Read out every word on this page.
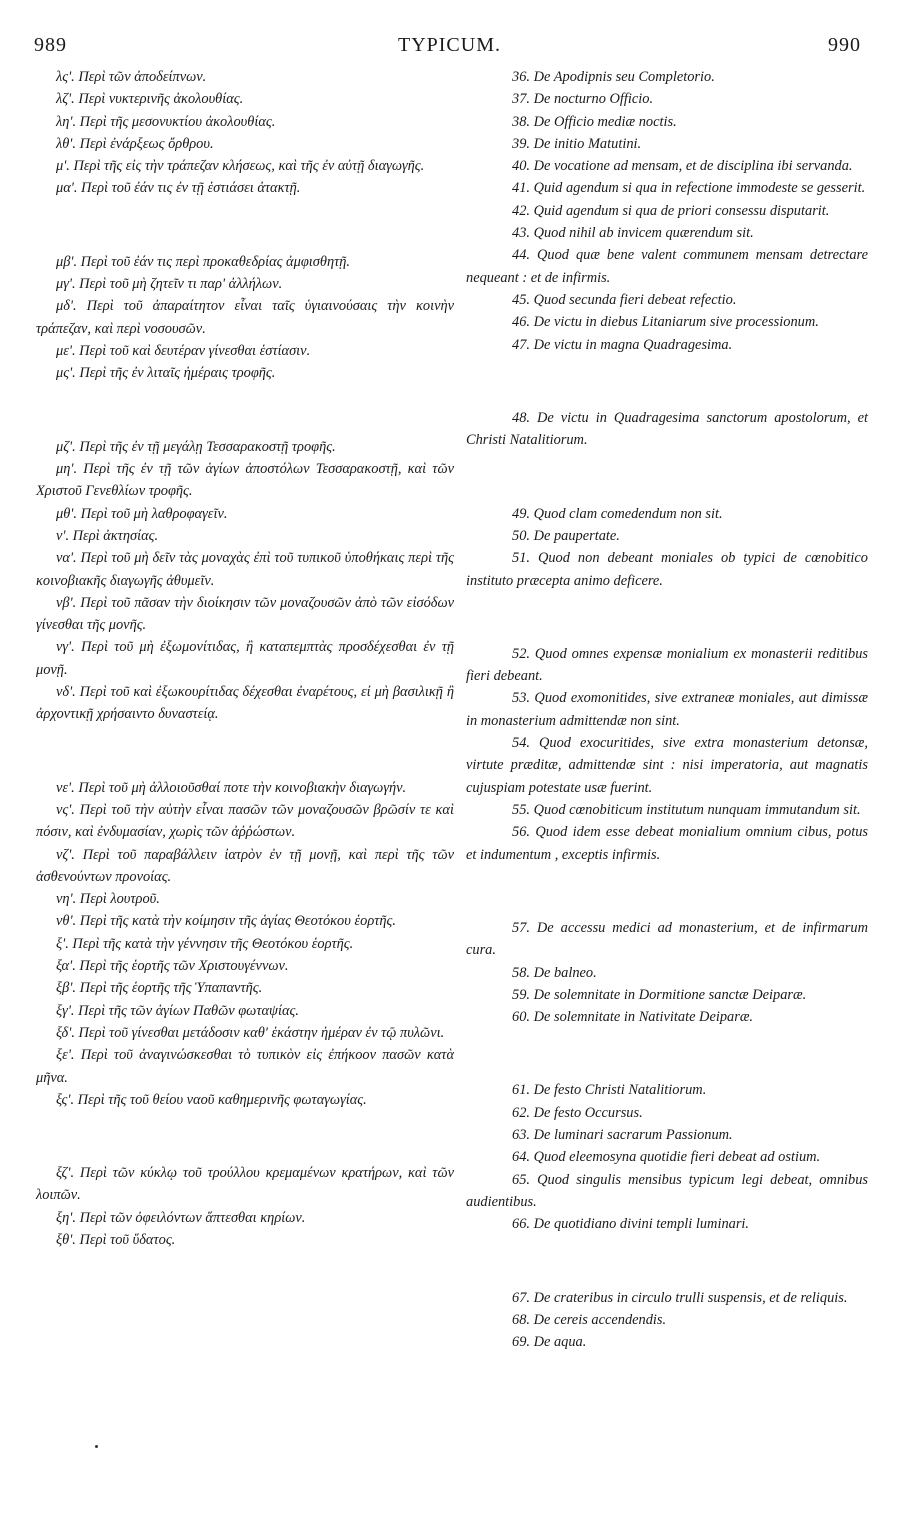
TYPICUM.
989	990

λς'. Περὶ τῶν ἀποδείπνων.

λζ'. Περὶ νυκτερινῆς ἀκολουθίας.

λη'. Περὶ τῆς μεσονυκτίου ἀκολουθίας.

λθ'. Περὶ ἐνάρξεως ὄρθρου.

μ'. Περὶ τῆς εἰς τὴν τράπεζαν κλήσεως, καὶ τῆς ἐν αὐτῇ διαγωγῆς.

μα'. Περὶ τοῦ ἐάν τις ἐν τῇ ἑστιάσει ἀτακτῇ.

μβ'. Περὶ τοῦ ἐάν τις περὶ προκαθεδρίας ἀμφισθητῇ.

μγ'. Περὶ τοῦ μὴ ζητεῖν τι παρ' ἀλλήλων.

μδ'. Περὶ τοῦ ἀπαραίτητον εἶναι ταῖς ὑγιαινούσαις τὴν κοινὴν τράπεζαν, καὶ περὶ νοσουσῶν.

με'. Περὶ τοῦ καὶ δευτέραν γίνεσθαι ἑστίασιν.

μς'. Περὶ τῆς ἐν λιταῖς ἡμέραις τροφῆς.

μζ'. Περὶ τῆς ἐν τῇ μεγάλῃ Τεσσαρακοστῇ τροφῆς.

μη'. Περὶ τῆς ἐν τῇ τῶν ἁγίων ἀποστόλων Τεσσαρακοστῇ, καὶ τῶν Χριστοῦ Γενεθλίων τροφῆς.

μθ'. Περὶ τοῦ μὴ λαθροφαγεῖν.

ν'. Περὶ ἀκτησίας.

να'. Περὶ τοῦ μὴ δεῖν τὰς μοναχὰς ἐπὶ τοῦ τυπικοῦ ὑποθήκαις περὶ τῆς κοινοβιακῆς διαγωγῆς ἀθυμεῖν.

νβ'. Περὶ τοῦ πᾶσαν τὴν διοίκησιν τῶν μοναζουσῶν ἀπὸ τῶν εἰσόδων γίνεσθαι τῆς μονῆς.

νγ'. Περὶ τοῦ μὴ ἐξωμονίτιδας, ἢ καταπεμπτὰς προσδέχεσθαι ἐν τῇ μονῇ.

νδ'. Περὶ τοῦ καὶ ἐξωκουρίτιδας δέχεσθαι ἐναρέτους, εἰ μὴ βασιλικῇ ἢ ἀρχοντικῇ χρήσαιντο δυναστείᾳ.

νε'. Περὶ τοῦ μὴ ἀλλοιοῦσθαί ποτε τὴν κοινοβιακὴν διαγωγήν.

νς'. Περὶ τοῦ τὴν αὐτὴν εἶναι πασῶν τῶν μοναζουσῶν βρῶσίν τε καὶ πόσιν, καὶ ἐνδυμασίαν, χωρὶς τῶν ἀῤῥώστων.

νζ'. Περὶ τοῦ παραβάλλειν ἰατρὸν ἐν τῇ μονῇ, καὶ περὶ τῆς τῶν ἀσθενούντων προνοίας.

νη'. Περὶ λουτροῦ.

νθ'. Περὶ τῆς κατὰ τὴν κοίμησιν τῆς ἁγίας Θεοτόκου ἑορτῆς.

ξ'. Περὶ τῆς κατὰ τὴν γέννησιν τῆς Θεοτόκου ἑορτῆς.

ξα'. Περὶ τῆς ἑορτῆς τῶν Χριστουγέννων.

ξβ'. Περὶ τῆς ἑορτῆς τῆς Ὑπαπαντῆς.

ξγ'. Περὶ τῆς τῶν ἁγίων Παθῶν φωταψίας.

ξδ'. Περὶ τοῦ γίνεσθαι μετάδοσιν καθ' ἑκάστην ἡμέραν ἐν τῷ πυλῶνι.

ξε'. Περὶ τοῦ ἀναγινώσκεσθαι τὸ τυπικὸν εἰς ἐπήκοον πασῶν κατὰ μῆνα.

ξς'. Περὶ τῆς τοῦ θείου ναοῦ καθημερινῆς φωταγωγίας.

ξζ'. Περὶ τῶν κύκλῳ τοῦ τρούλλου κρεμαμένων κρατήρων, καὶ τῶν λοιπῶν.

ξη'. Περὶ τῶν ὀφειλόντων ἅπτεσθαι κηρίων.

ξθ'. Περὶ τοῦ ὕδατος.

36. De Apodipnis seu Completorio.

37. De nocturno Officio.

38. De Officio mediæ noctis.

39. De initio Matutini.

40. De vocatione ad mensam, et de disciplina ibi servanda.

41. Quid agendum si qua in refectione immodeste se gesserit.

42. Quid agendum si qua de priori consessu disputarit.

43. Quod nihil ab invicem quærendum sit.

44. Quod quæ bene valent communem mensam detrectare nequeant : et de infirmis.

45. Quod secunda fieri debeat refectio.

46. De victu in diebus Litaniarum sive processionum.

47. De victu in magna Quadragesima.

48. De victu in Quadragesima sanctorum apostolorum, et Christi Natalitiorum.

49. Quod clam comedendum non sit.

50. De paupertate.

51. Quod non debeant moniales ob typici de cœnobitico instituto præcepta animo deficere.

52. Quod omnes expensæ monialium ex monasterii reditibus fieri debeant.

53. Quod exomonitides, sive extraneæ moniales, aut dimissæ in monasterium admittendæ non sint.

54. Quod exocuritides, sive extra monasterium detonsæ, virtute præditæ, admittendæ sint : nisi imperatoria, aut magnatis cujuspiam potestate usæ fuerint.

55. Quod cœnobiticum institutum nunquam immutandum sit.

56. Quod idem esse debeat monialium omnium cibus, potus et indumentum , exceptis infirmis.

57. De accessu medici ad monasterium, et de infirmarum cura.

58. De balneo.

59. De solemnitate in Dormitione sanctæ Deiparæ.

60. De solemnitate in Nativitate Deiparæ.

61. De festo Christi Natalitiorum.

62. De festo Occursus.

63. De luminari sacrarum Passionum.

64. Quod eleemosyna quotidie fieri debeat ad ostium.

65. Quod singulis mensibus typicum legi debeat, omnibus audientibus.

66. De quotidiano divini templi luminari.

67. De crateribus in circulo trulli suspensis, et de reliquis.

68. De cereis accendendis.

69. De aqua.
